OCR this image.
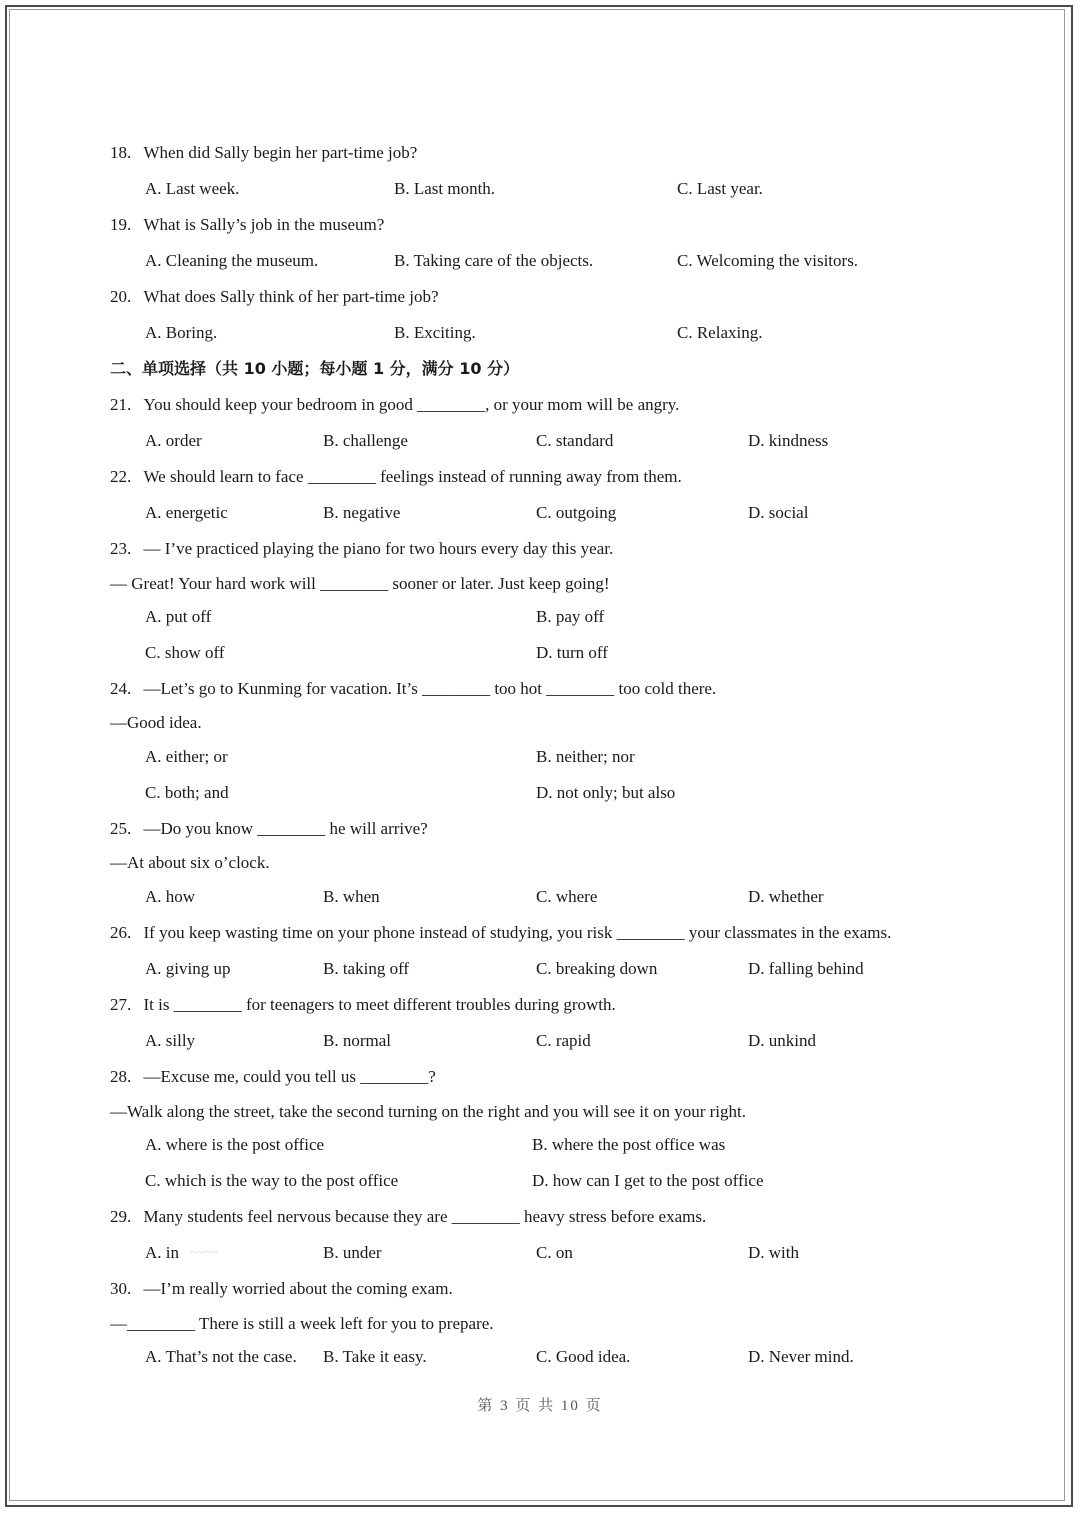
18. When did Sally begin her part-time job?
A. Last week.	B. Last month.	C. Last year.
19. What is Sally’s job in the museum?
A. Cleaning the museum.	B. Taking care of the objects.	C. Welcoming the visitors.
20. What does Sally think of her part-time job?
A. Boring.	B. Exciting.	C. Relaxing.
二、单项选择（共 10 小题；每小题 1 分，满分 10 分）
21. You should keep your bedroom in good ________, or your mom will be angry.
A. order	B. challenge	C. standard	D. kindness
22. We should learn to face ________ feelings instead of running away from them.
A. energetic	B. negative	C. outgoing	D. social
23. — I’ve practiced playing the piano for two hours every day this year.
— Great! Your hard work will ________ sooner or later. Just keep going!
A. put off	B. pay off
C. show off	D. turn off
24. —Let’s go to Kunming for vacation. It’s ________ too hot ________ too cold there.
—Good idea.
A. either; or	B. neither; nor
C. both; and	D. not only; but also
25. —Do you know ________ he will arrive?
—At about six o’clock.
A. how	B. when	C. where	D. whether
26. If you keep wasting time on your phone instead of studying, you risk ________ your classmates in the exams.
A. giving up	B. taking off	C. breaking down	D. falling behind
27. It is ________ for teenagers to meet different troubles during growth.
A. silly	B. normal	C. rapid	D. unkind
28. —Excuse me, could you tell us ________?
—Walk along the street, take the second turning on the right and you will see it on your right.
A. where is the post office	B. where the post office was
C. which is the way to the post office	D. how can I get to the post office
29. Many students feel nervous because they are ________ heavy stress before exams.
A. in ~~~~	B. under	C. on	D. with
30. —I’m really worried about the coming exam.
—________ There is still a week left for you to prepare.
A. That’s not the case. B. Take it easy.	C. Good idea.	D. Never mind.
第 3 页 共 10 页
